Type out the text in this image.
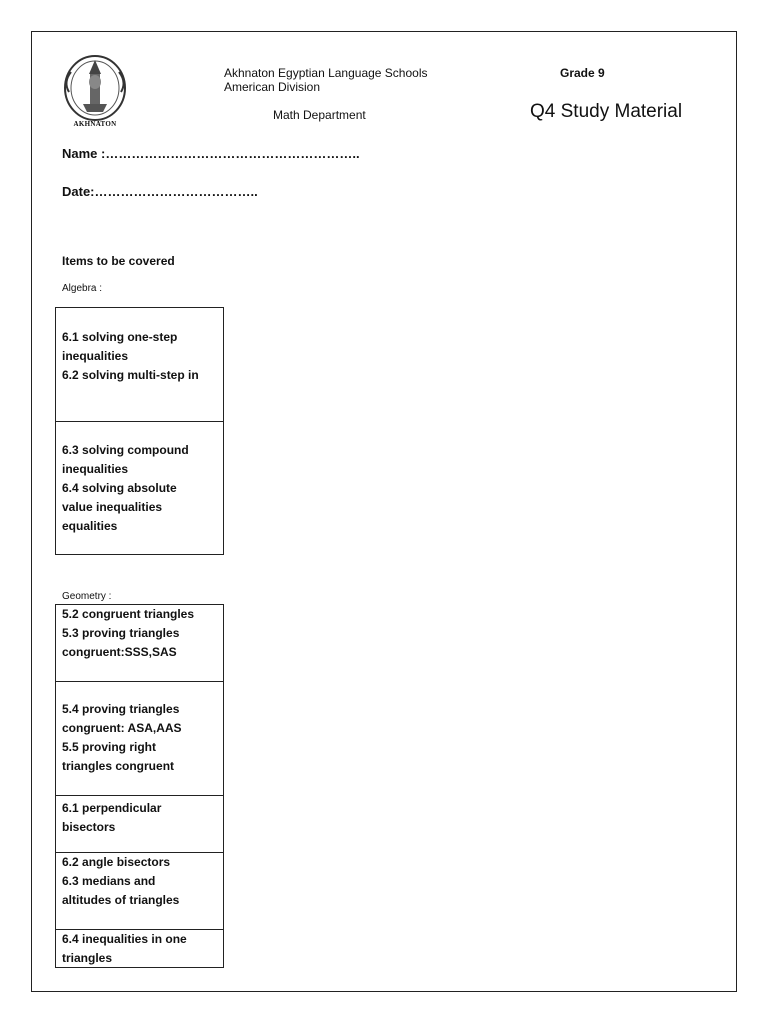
AKHNATON
Akhnaton Egyptian Language Schools
American Division
Math Department
Grade 9
Q4 Study Material
Name :…………………………………………………..
Date:………………………………..
Items to be covered
Algebra :
6.1 solving one-step
inequalities
6.2 solving multi-step in
6.3 solving compound
inequalities
6.4 solving absolute
value inequalities
equalities
Geometry :
5.2 congruent triangles
5.3 proving triangles
congruent:SSS,SAS
5.4 proving triangles
congruent: ASA,AAS
5.5 proving right
triangles congruent
6.1 perpendicular
bisectors
6.2 angle bisectors
6.3 medians and
altitudes of triangles
6.4 inequalities in one
triangles
